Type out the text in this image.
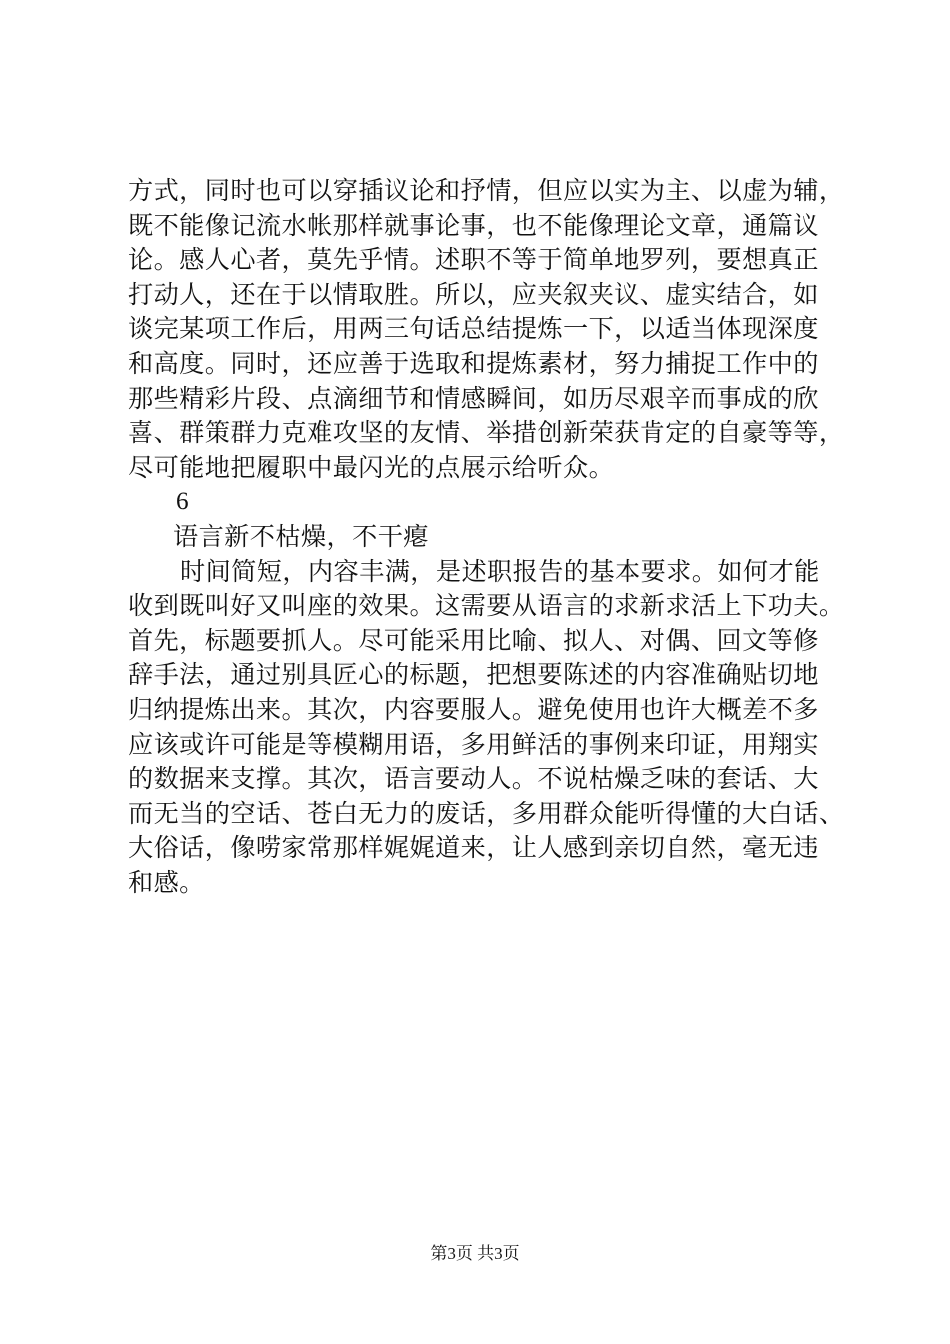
方式，同时也可以穿插议论和抒情，但应以实为主、以虚为辅，
既不能像记流水帐那样就事论事，也不能像理论文章，通篇议
论。感人心者，莫先乎情。述职不等于简单地罗列，要想真正
打动人，还在于以情取胜。所以，应夹叙夹议、虚实结合，如
谈完某项工作后，用两三句话总结提炼一下，以适当体现深度
和高度。同时，还应善于选取和提炼素材，努力捕捉工作中的
那些精彩片段、点滴细节和情感瞬间，如历尽艰辛而事成的欣
喜、群策群力克难攻坚的友情、举措创新荣获肯定的自豪等等，
尽可能地把履职中最闪光的点展示给听众。
6
语言新不枯燥，不干瘪
时间简短，内容丰满，是述职报告的基本要求。如何才能
收到既叫好又叫座的效果。这需要从语言的求新求活上下功夫。
首先，标题要抓人。尽可能采用比喻、拟人、对偶、回文等修
辞手法，通过别具匠心的标题，把想要陈述的内容准确贴切地
归纳提炼出来。其次，内容要服人。避免使用也许大概差不多
应该或许可能是等模糊用语，多用鲜活的事例来印证，用翔实
的数据来支撑。其次，语言要动人。不说枯燥乏味的套话、大
而无当的空话、苍白无力的废话，多用群众能听得懂的大白话、
大俗话，像唠家常那样娓娓道来，让人感到亲切自然，毫无违
和感。
第3页 共3页
